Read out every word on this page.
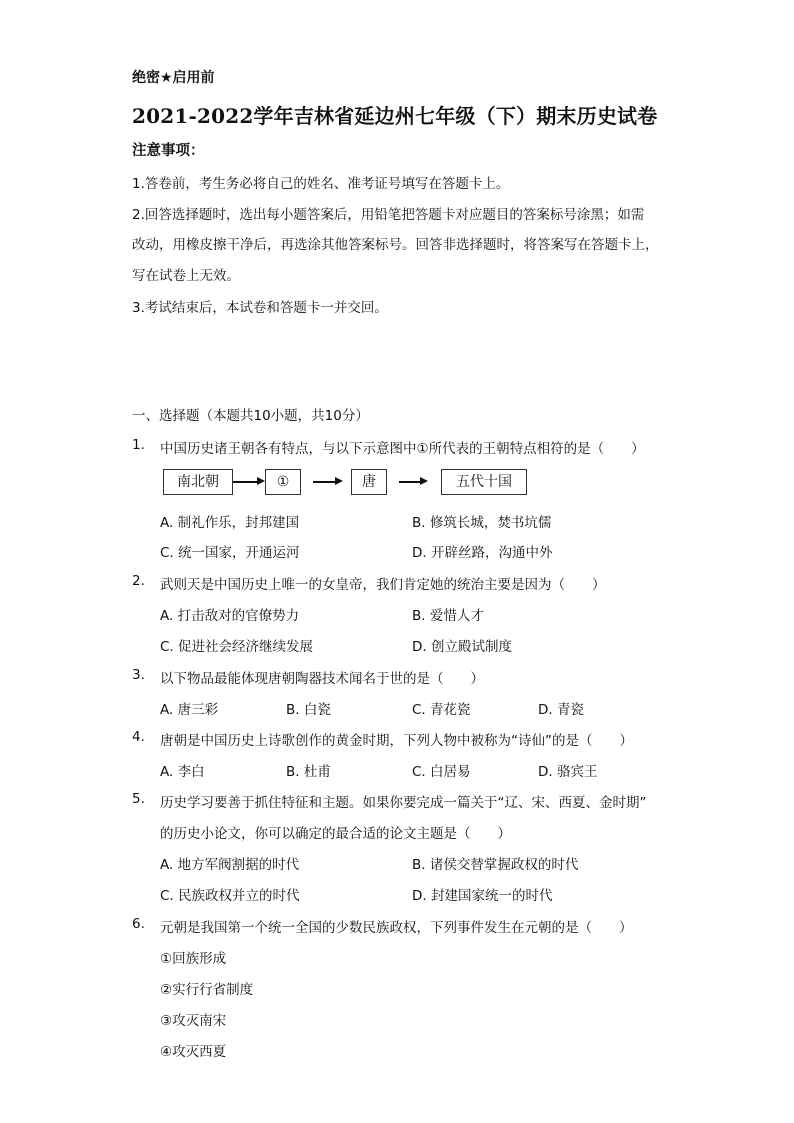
绝密★启用前
2021-2022学年吉林省延边州七年级（下）期末历史试卷
注意事项：
1.答卷前，考生务必将自己的姓名、准考证号填写在答题卡上。
2.回答选择题时，选出每小题答案后，用铅笔把答题卡对应题目的答案标号涂黑；如需
改动，用橡皮擦干净后，再选涂其他答案标号。回答非选择题时，将答案写在答题卡上，
写在试卷上无效。
3.考试结束后，本试卷和答题卡一并交回。
一、选择题（本题共10小题，共10分）
1. 中国历史诸王朝各有特点，与以下示意图中①所代表的王朝特点相符的是（　　）
南北朝	①	唐	五代十国
A. 制礼作乐，封邦建国	B. 修筑长城，焚书坑儒
C. 统一国家，开通运河	D. 开辟丝路，沟通中外
2. 武则天是中国历史上唯一的女皇帝，我们肯定她的统治主要是因为（　　）
A. 打击敌对的官僚势力	B. 爱惜人才
C. 促进社会经济继续发展	D. 创立殿试制度
3. 以下物品最能体现唐朝陶器技术闻名于世的是（　　）
A. 唐三彩	B. 白瓷	C. 青花瓷	D. 青瓷
4. 唐朝是中国历史上诗歌创作的黄金时期，下列人物中被称为“诗仙”的是（　　）
A. 李白	B. 杜甫	C. 白居易	D. 骆宾王
5. 历史学习要善于抓住特征和主题。如果你要完成一篇关于“辽、宋、西夏、金时期”
的历史小论文，你可以确定的最合适的论文主题是（　　）
A. 地方军阀割据的时代	B. 诸侯交替掌握政权的时代
C. 民族政权并立的时代	D. 封建国家统一的时代
6. 元朝是我国第一个统一全国的少数民族政权，下列事件发生在元朝的是（　　）
①回族形成
②实行行省制度
③攻灭南宋
④攻灭西夏
